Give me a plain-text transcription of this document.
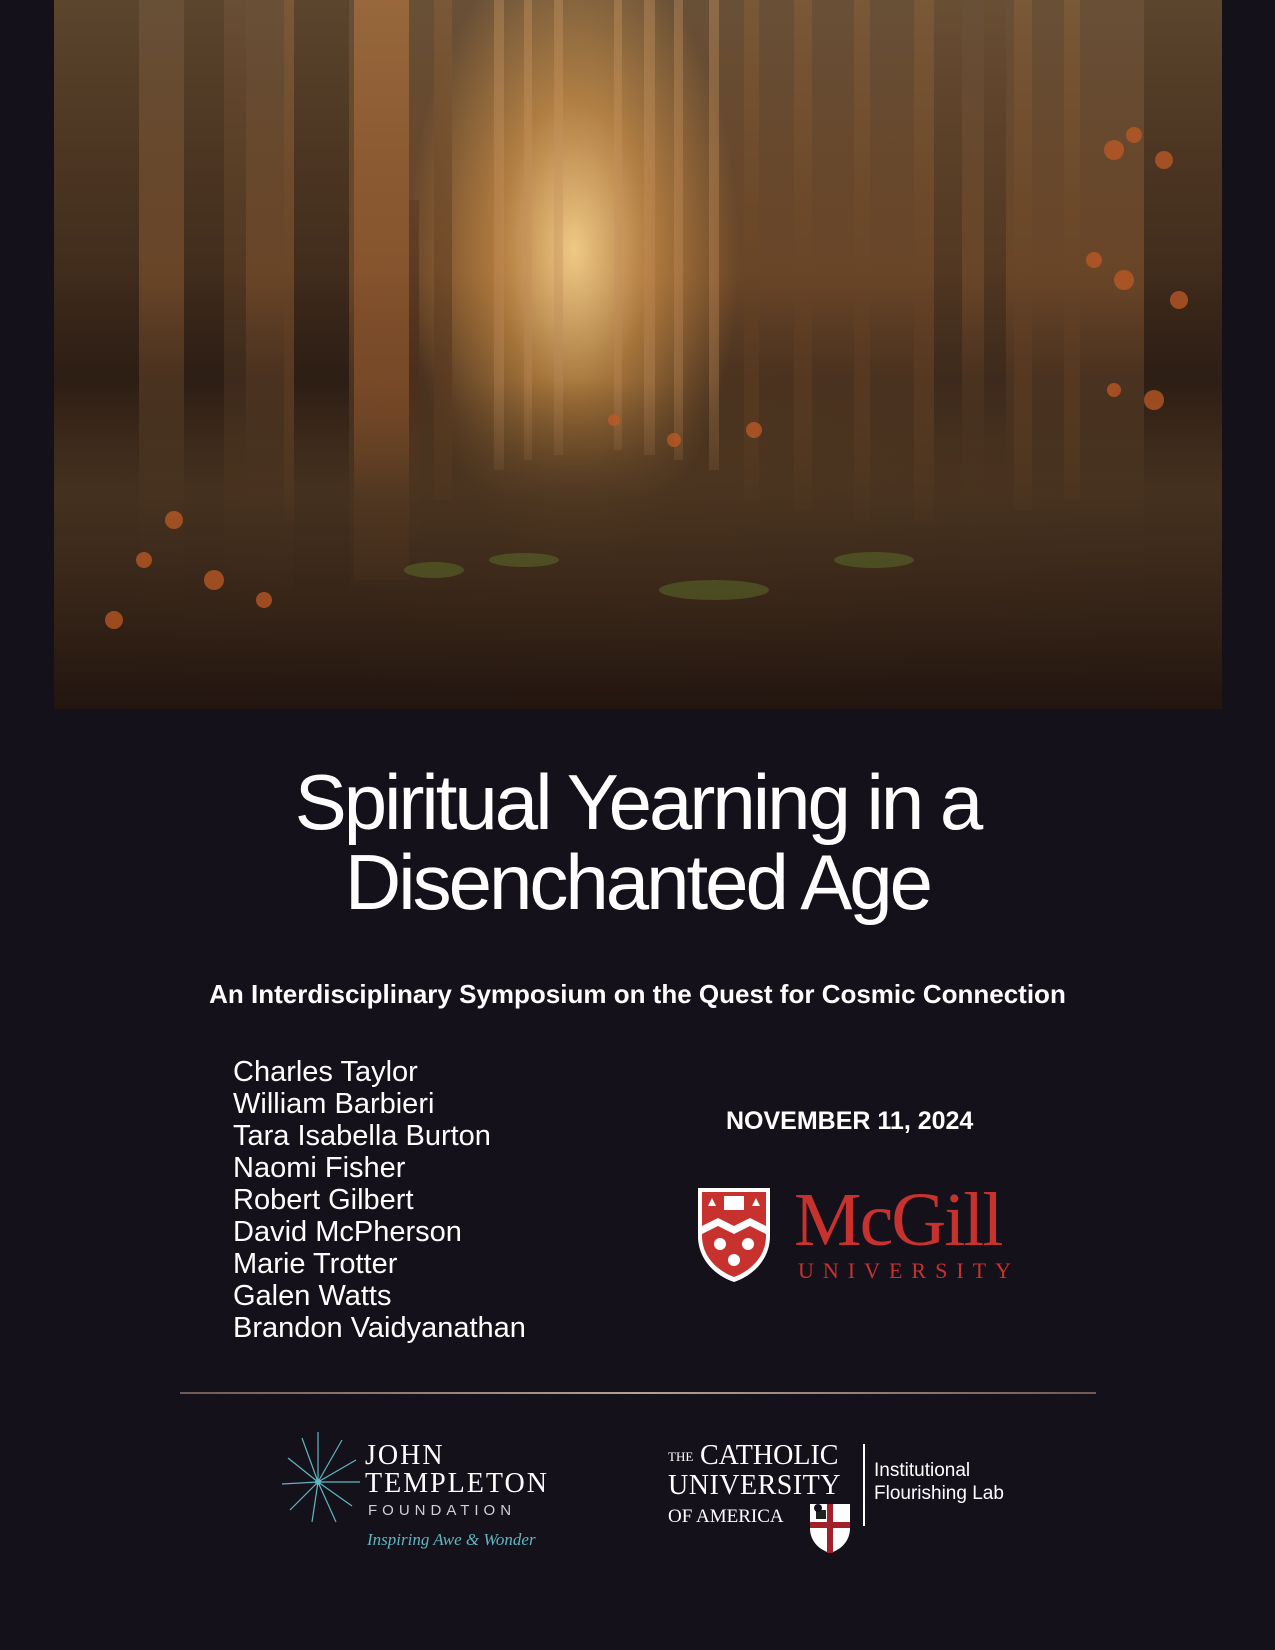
Spiritual Yearning in a
Disenchanted Age

An Interdisciplinary Symposium on the Quest for Cosmic Connection

Charles Taylor
William Barbieri
Tara Isabella Burton
Naomi Fisher
Robert Gilbert
David McPherson
Marie Trotter
Galen Watts
Brandon Vaidyanathan
NOVEMBER 11, 2024
McGill
UNIVERSITY
JOHN
TEMPLETON
FOUNDATION
Inspiring Awe & Wonder
THE CATHOLIC
UNIVERSITY
OF AMERICA
Institutional
Flourishing Lab
